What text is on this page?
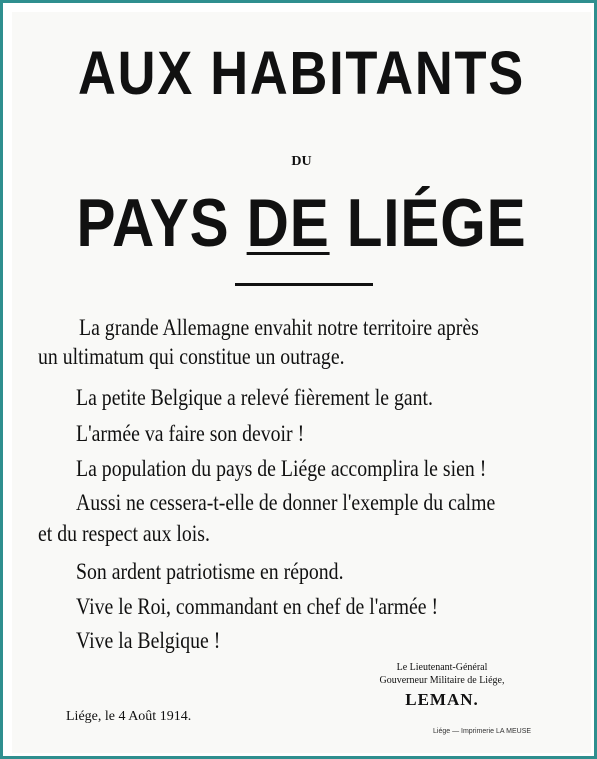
AUX HABITANTS
DU
PAYS DE LIÉGE
La grande Allemagne envahit notre territoire après
un ultimatum qui constitue un outrage.
La petite Belgique a relevé fièrement le gant.
L'armée va faire son devoir !
La population du pays de Liége accomplira le sien !
Aussi ne cessera-t-elle de donner l'exemple du calme
et du respect aux lois.
Son ardent patriotisme en répond.
Vive le Roi, commandant en chef de l'armée !
Vive la Belgique !
Le Lieutenant-Général
Gouverneur Militaire de Liége,
LEMAN.
Liége, le 4 Août 1914.
Liége — Imprimerie LA MEUSE
